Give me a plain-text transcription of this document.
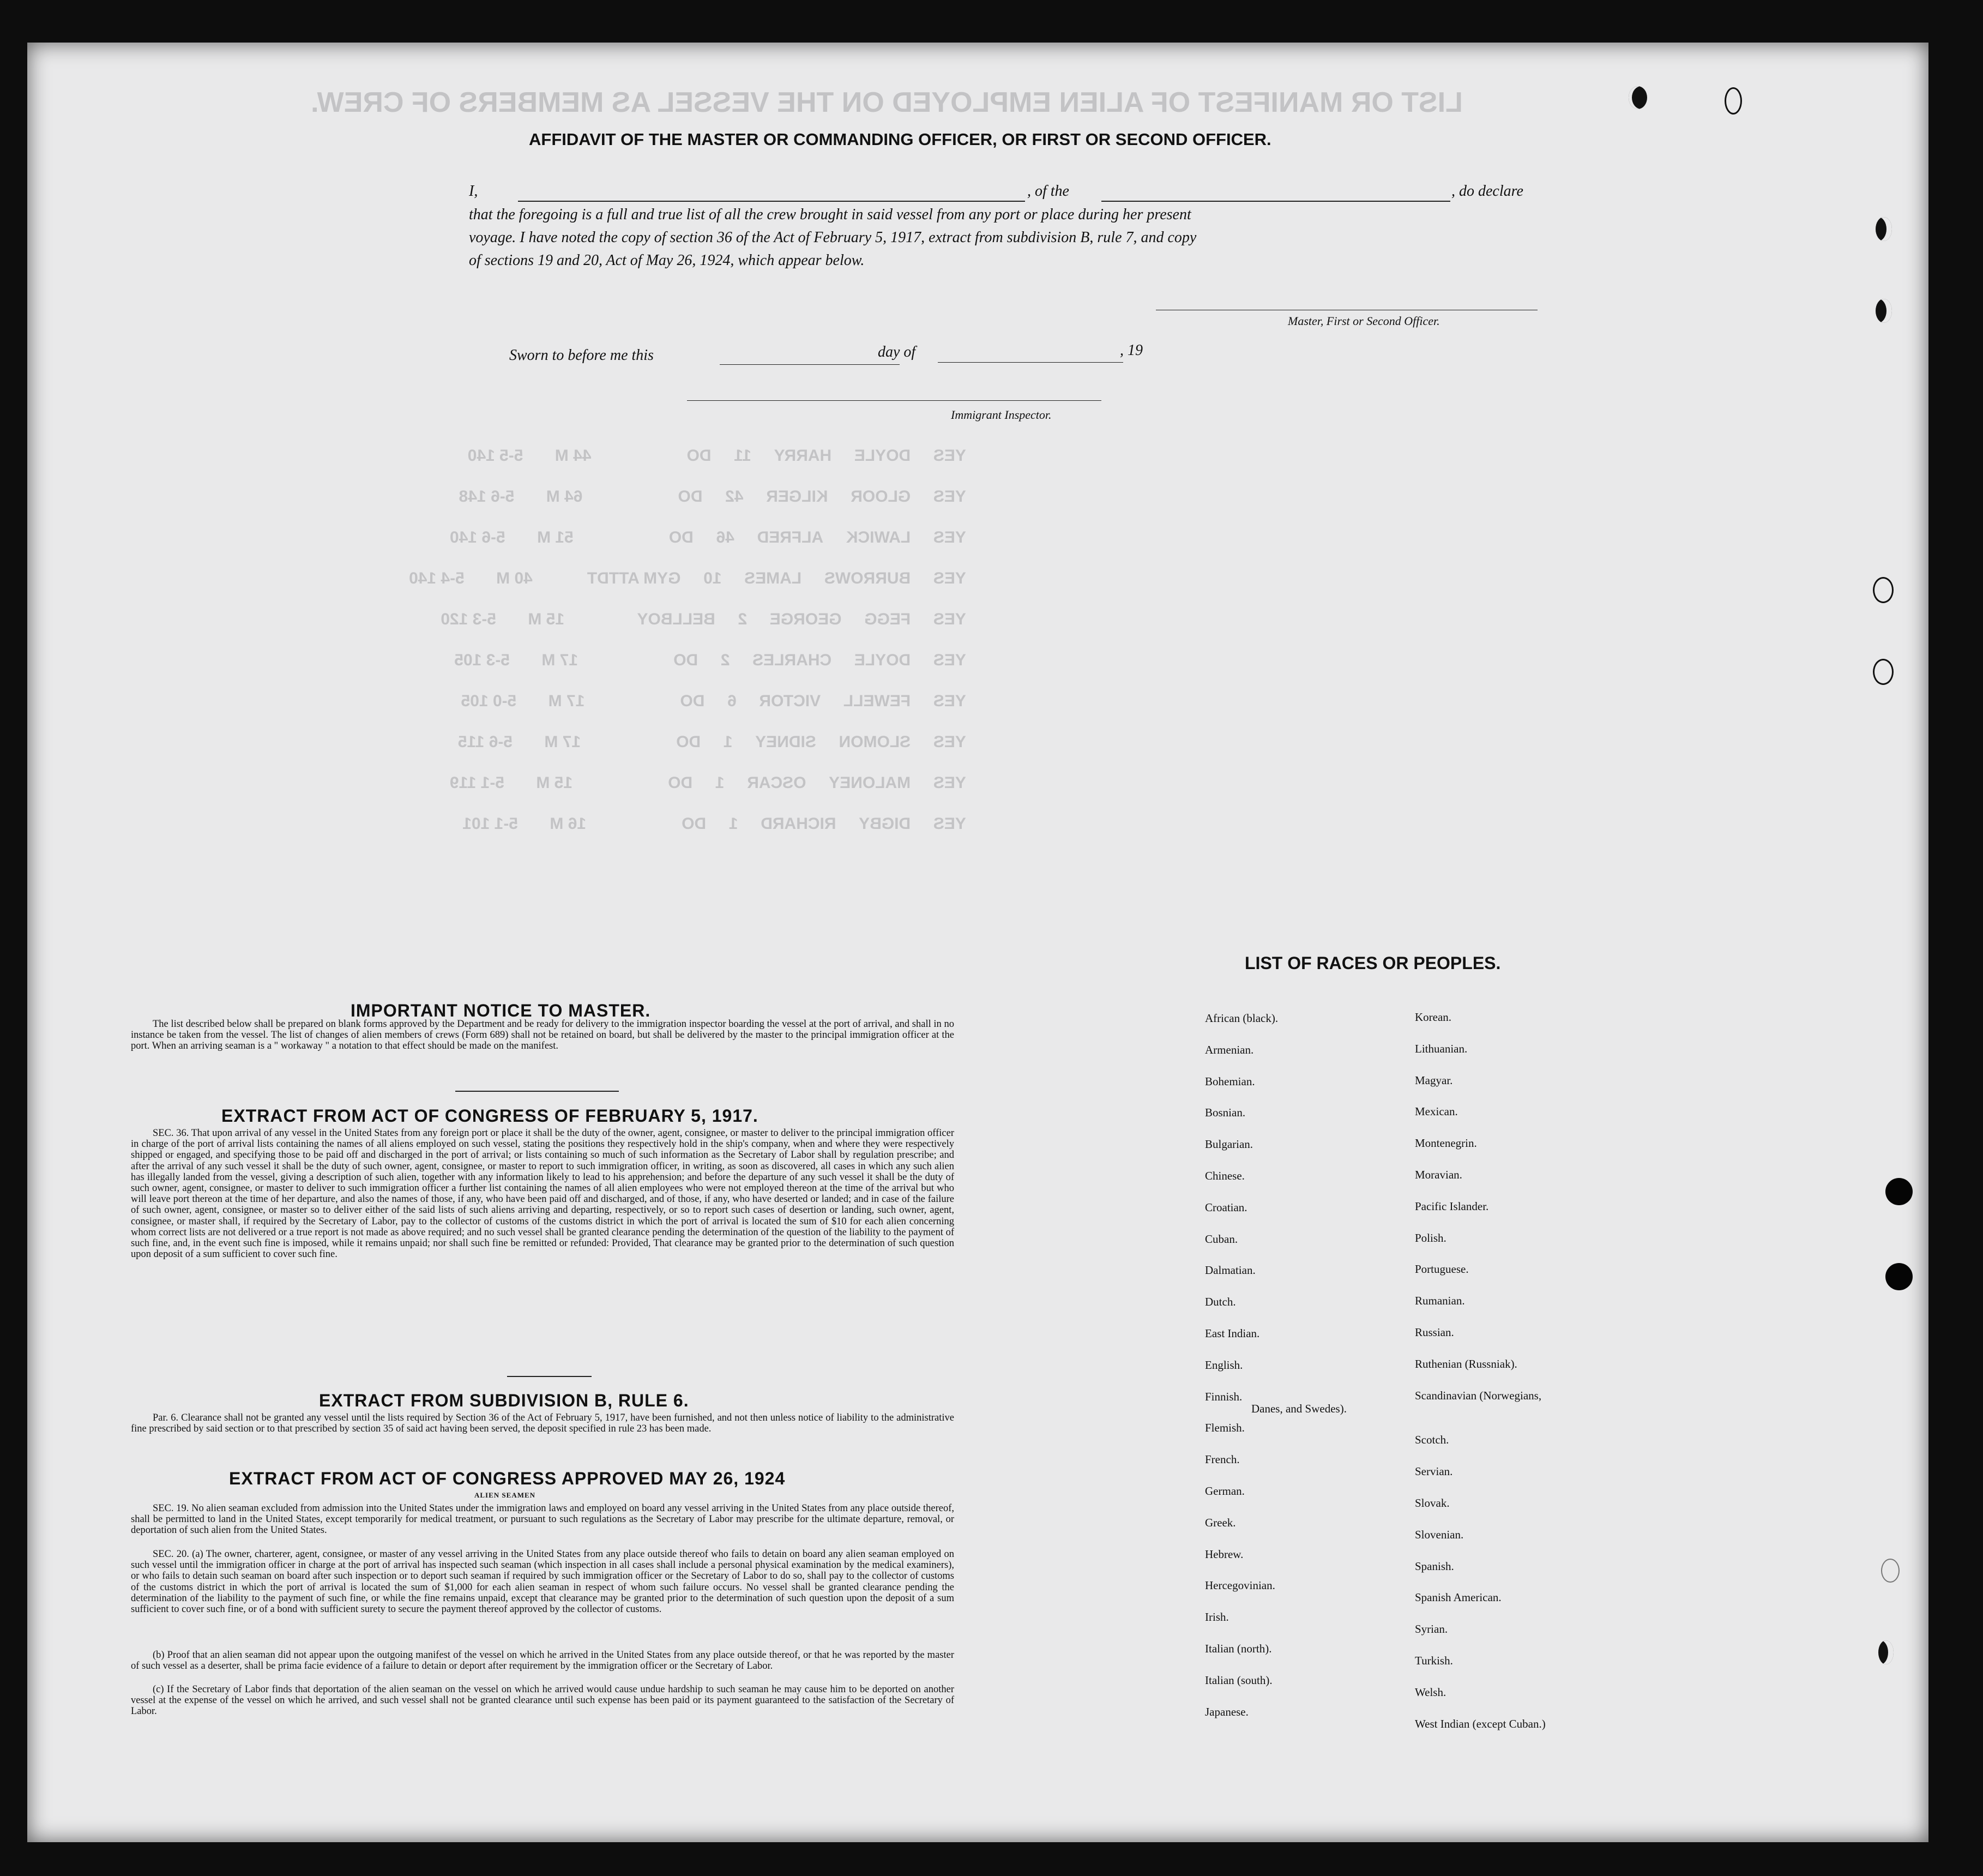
LIST OR MANIFEST OF ALIEN EMPLOYED ON THE VESSEL AS MEMBERS OF CREW.
YES     DOYLE     HARRY     11     DO                     44 M       5-5 140
YES     GLOOR     KILGER     42     DO                     64 M       5-6 148
YES     LAWICK     ALFRED     46     DO                     51 M       5-6 140
YES     BURROWS     LAMES     10     GYM ATTDT            40 M       5-4 140
YES     FEGG     GEORGE     2     BELLBOY                15 M       5-3 120
YES     DOYLE     CHARLES     2     DO                     17 M       5-3 105
YES     FEWELL     VICTOR     6     DO                     17 M       5-0 105
YES     SLOMON     SIDNEY     1     DO                     17 M       5-6 115
YES     MALONEY     OSCAR     1     DO                     15 M       5-1 119
YES     DIGBY     RICHARD     1     DO                     16 M       5-1 101
AFFIDAVIT OF THE MASTER OR COMMANDING OFFICER, OR FIRST OR SECOND OFFICER.
I,	, of the	, do declare
that the foregoing is a full and true list of all the crew brought in said vessel from any port or place during her present
voyage. I have noted the copy of section 36 of the Act of February 5, 1917, extract from subdivision B, rule 7, and copy
of sections 19 and 20, Act of May 26, 1924, which appear below.
Master, First or Second Officer.
Sworn to before me this	day of	, 19
Immigrant Inspector.
IMPORTANT NOTICE TO MASTER.
The list described below shall be prepared on blank forms approved by the Department and be ready for delivery to the immigration inspector boarding the vessel at the port of arrival, and shall in no instance be taken from the vessel. The list of changes of alien members of crews (Form 689) shall not be retained on board, but shall be delivered by the master to the principal immigration officer at the port. When an arriving seaman is a " workaway " a notation to that effect should be made on the manifest.
EXTRACT FROM ACT OF CONGRESS OF FEBRUARY 5, 1917.
SEC. 36. That upon arrival of any vessel in the United States from any foreign port or place it shall be the duty of the owner, agent, consignee, or master to deliver to the principal immigration officer in charge of the port of arrival lists containing the names of all aliens employed on such vessel, stating the positions they respectively hold in the ship's company, when and where they were respectively shipped or engaged, and specifying those to be paid off and discharged in the port of arrival; or lists containing so much of such information as the Secretary of Labor shall by regulation prescribe; and after the arrival of any such vessel it shall be the duty of such owner, agent, consignee, or master to report to such immigration officer, in writing, as soon as discovered, all cases in which any such alien has illegally landed from the vessel, giving a description of such alien, together with any information likely to lead to his apprehension; and before the departure of any such vessel it shall be the duty of such owner, agent, consignee, or master to deliver to such immigration officer a further list containing the names of all alien employees who were not employed thereon at the time of the arrival but who will leave port thereon at the time of her departure, and also the names of those, if any, who have been paid off and discharged, and of those, if any, who have deserted or landed; and in case of the failure of such owner, agent, consignee, or master so to deliver either of the said lists of such aliens arriving and departing, respectively, or so to report such cases of desertion or landing, such owner, agent, consignee, or master shall, if required by the Secretary of Labor, pay to the collector of customs of the customs district in which the port of arrival is located the sum of $10 for each alien concerning whom correct lists are not delivered or a true report is not made as above required; and no such vessel shall be granted clearance pending the determination of the question of the liability to the payment of such fine, and, in the event such fine is imposed, while it remains unpaid; nor shall such fine be remitted or refunded: Provided, That clearance may be granted prior to the determination of such question upon deposit of a sum sufficient to cover such fine.
EXTRACT FROM SUBDIVISION B, RULE 6.
Par. 6. Clearance shall not be granted any vessel until the lists required by Section 36 of the Act of February 5, 1917, have been furnished, and not then unless notice of liability to the administrative fine prescribed by said section or to that prescribed by section 35 of said act having been served, the deposit specified in rule 23 has been made.
EXTRACT FROM ACT OF CONGRESS APPROVED MAY 26, 1924
ALIEN SEAMEN
SEC. 19. No alien seaman excluded from admission into the United States under the immigration laws and employed on board any vessel arriving in the United States from any place outside thereof, shall be permitted to land in the United States, except temporarily for medical treatment, or pursuant to such regulations as the Secretary of Labor may prescribe for the ultimate departure, removal, or deportation of such alien from the United States.
SEC. 20. (a) The owner, charterer, agent, consignee, or master of any vessel arriving in the United States from any place outside thereof who fails to detain on board any alien seaman employed on such vessel until the immigration officer in charge at the port of arrival has inspected such seaman (which inspection in all cases shall include a personal physical examination by the medical examiners), or who fails to detain such seaman on board after such inspection or to deport such seaman if required by such immigration officer or the Secretary of Labor to do so, shall pay to the collector of customs of the customs district in which the port of arrival is located the sum of $1,000 for each alien seaman in respect of whom such failure occurs. No vessel shall be granted clearance pending the determination of the liability to the payment of such fine, or while the fine remains unpaid, except that clearance may be granted prior to the determination of such question upon the deposit of a sum sufficient to cover such fine, or of a bond with sufficient surety to secure the payment thereof approved by the collector of customs.
(b) Proof that an alien seaman did not appear upon the outgoing manifest of the vessel on which he arrived in the United States from any place outside thereof, or that he was reported by the master of such vessel as a deserter, shall be prima facie evidence of a failure to detain or deport after requirement by the immigration officer or the Secretary of Labor.
(c) If the Secretary of Labor finds that deportation of the alien seaman on the vessel on which he arrived would cause undue hardship to such seaman he may cause him to be deported on another vessel at the expense of the vessel on which he arrived, and such vessel shall not be granted clearance until such expense has been paid or its payment guaranteed to the satisfaction of the Secretary of Labor.
LIST OF RACES OR PEOPLES.
African (black).
Armenian.
Bohemian.
Bosnian.
Bulgarian.
Chinese.
Croatian.
Cuban.
Dalmatian.
Dutch.
East Indian.
English.
Finnish.
Flemish.
French.
German.
Greek.
Hebrew.
Hercegovinian.
Irish.
Italian (north).
Italian (south).
Japanese.
Korean.
Lithuanian.
Magyar.
Mexican.
Montenegrin.
Moravian.
Pacific Islander.
Polish.
Portuguese.
Rumanian.
Russian.
Ruthenian (Russniak).
Scandinavian (Norwegians,
Danes, and Swedes).
Scotch.
Servian.
Slovak.
Slovenian.
Spanish.
Spanish American.
Syrian.
Turkish.
Welsh.
West Indian (except Cuban.)
